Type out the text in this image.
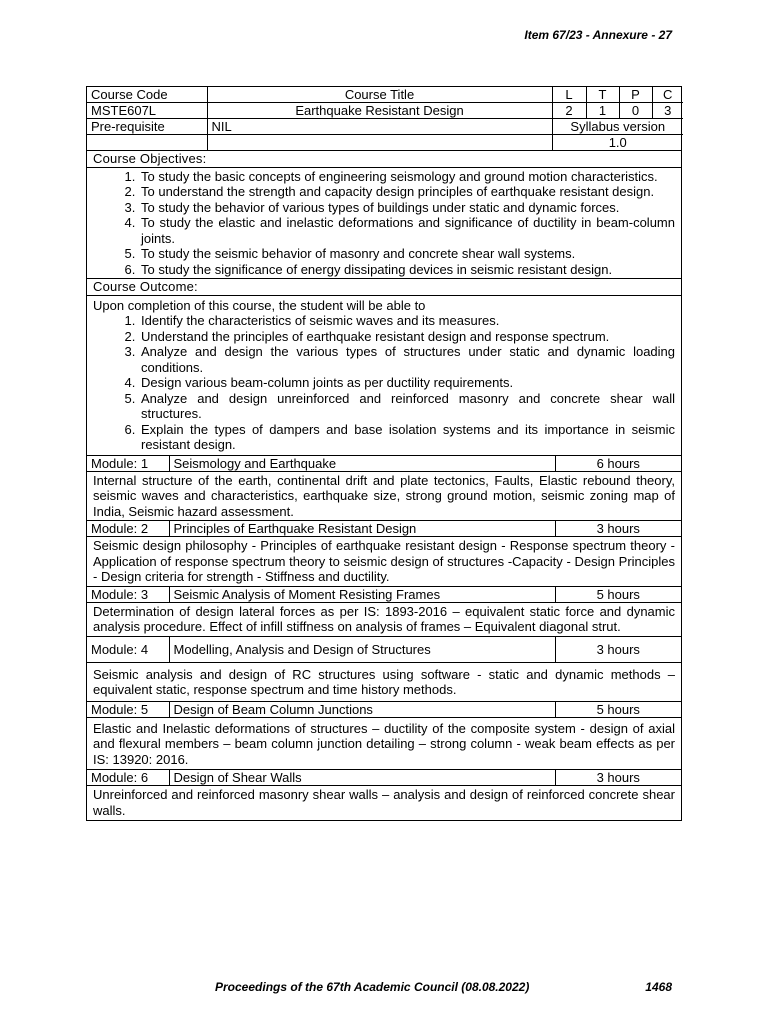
Item 67/23 - Annexure - 27
Course Code	Course Title	L	T	P	C
MSTE607L	Earthquake Resistant Design	2	1	0	3
Pre-requisite	NIL	Syllabus version
		1.0

Course Objectives:

1. To study the basic concepts of engineering seismology and ground motion characteristics.
2. To understand the strength and capacity design principles of earthquake resistant design.
3. To study the behavior of various types of buildings under static and dynamic forces.
4. To study the elastic and inelastic deformations and significance of ductility in beam-column joints.
5. To study the seismic behavior of masonry and concrete shear wall systems.
6. To study the significance of energy dissipating devices in seismic resistant design.

Course Outcome:

Upon completion of this course, the student will be able to
1. Identify the characteristics of seismic waves and its measures.
2. Understand the principles of earthquake resistant design and response spectrum.
3. Analyze and design the various types of structures under static and dynamic loading conditions.
4. Design various beam-column joints as per ductility requirements.
5. Analyze and design unreinforced and reinforced masonry and concrete shear wall structures.
6. Explain the types of dampers and base isolation systems and its importance in seismic resistant design.

Module: 1	Seismology and Earthquake	6 hours

Internal structure of the earth, continental drift and plate tectonics, Faults, Elastic rebound theory, seismic waves and characteristics, earthquake size, strong ground motion, seismic zoning map of India, Seismic hazard assessment.

Module: 2	Principles of Earthquake Resistant Design	3 hours

Seismic design philosophy - Principles of earthquake resistant design - Response spectrum theory - Application of response spectrum theory to seismic design of structures -Capacity - Design Principles - Design criteria for strength - Stiffness and ductility.

Module: 3	Seismic Analysis of Moment Resisting Frames	5 hours

Determination of design lateral forces as per IS: 1893-2016 – equivalent static force and dynamic analysis procedure. Effect of infill stiffness on analysis of frames – Equivalent diagonal strut.

Module: 4	Modelling, Analysis and Design of Structures	3 hours

Seismic analysis and design of RC structures using software - static and dynamic methods – equivalent static, response spectrum and time history methods.

Module: 5	Design of Beam Column Junctions	5 hours

Elastic and Inelastic deformations of structures – ductility of the composite system - design of axial and flexural members – beam column junction detailing – strong column - weak beam effects as per IS: 13920: 2016.

Module: 6	Design of Shear Walls	3 hours

Unreinforced and reinforced masonry shear walls – analysis and design of reinforced concrete shear walls.
Proceedings of the 67th Academic Council (08.08.2022)	1468
